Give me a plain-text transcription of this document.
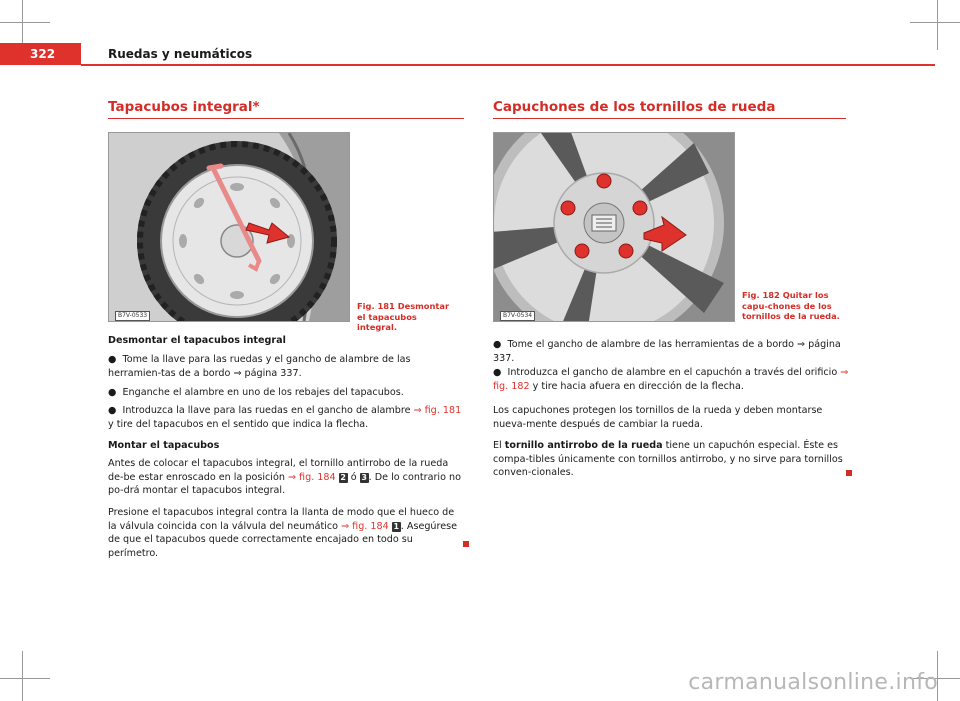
322	Ruedas y neumáticos
Tapacubos integral*
B7V-0533
Fig. 181 Desmontar el tapacubos integral.
Desmontar el tapacubos integral
●  Tome la llave para las ruedas y el gancho de alambre de las herramien-tas de a bordo ⇒ página 337.
●  Enganche el alambre en uno de los rebajes del tapacubos.
●  Introduzca la llave para las ruedas en el gancho de alambre ⇒ fig. 181 y tire del tapacubos en el sentido que indica la flecha.
Montar el tapacubos
Antes de colocar el tapacubos integral, el tornillo antirrobo de la rueda de-be estar enroscado en la posición ⇒ fig. 184 2 ó 3 . De lo contrario no po-drá montar el tapacubos integral.
Presione el tapacubos integral contra la llanta de modo que el hueco de la válvula coincida con la válvula del neumático ⇒ fig. 184 1 . Asegúrese de que el tapacubos quede correctamente encajado en todo su perímetro.
Capuchones de los tornillos de rueda
B7V-0534
Fig. 182 Quitar los capu-chones de los tornillos de la rueda.
●  Tome el gancho de alambre de las herramientas de a bordo ⇒ página 337.
●  Introduzca el gancho de alambre en el capuchón a través del orificio ⇒ fig. 182 y tire hacia afuera en dirección de la flecha.
Los capuchones protegen los tornillos de la rueda y deben montarse nueva-mente después de cambiar la rueda.
El tornillo antirrobo de la rueda tiene un capuchón especial. Éste es compa-tibles únicamente con tornillos antirrobo, y no sirve para tornillos conven-cionales.
carmanualsonline.info
